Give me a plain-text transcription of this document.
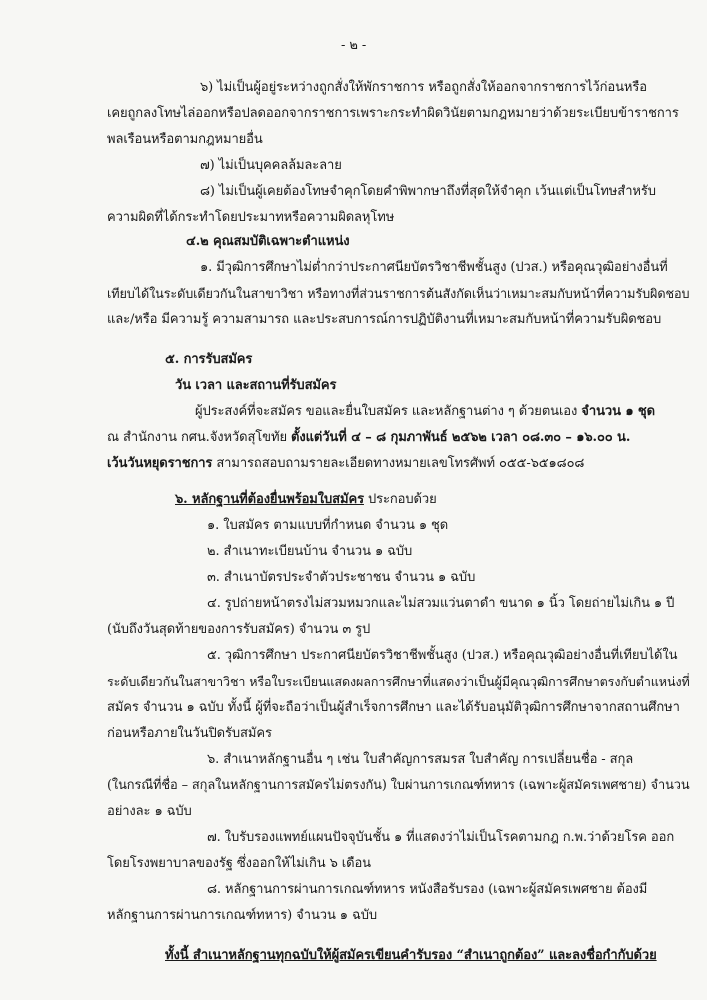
- ๒ -
๖) ไม่เป็นผู้อยู่ระหว่างถูกสั่งให้พักราชการ หรือถูกสั่งให้ออกจากราชการไว้ก่อนหรือ
เคยถูกลงโทษไล่ออกหรือปลดออกจากราชการเพราะกระทำผิดวินัยตามกฎหมายว่าด้วยระเบียบข้าราชการ
พลเรือนหรือตามกฎหมายอื่น
๗) ไม่เป็นบุคคลล้มละลาย
๘) ไม่เป็นผู้เคยต้องโทษจำคุกโดยคำพิพากษาถึงที่สุดให้จำคุก เว้นแต่เป็นโทษสำหรับ
ความผิดที่ได้กระทำโดยประมาทหรือความผิดลหุโทษ
๔.๒ คุณสมบัติเฉพาะตำแหน่ง
๑. มีวุฒิการศึกษาไม่ต่ำกว่าประกาศนียบัตรวิชาชีพชั้นสูง (ปวส.) หรือคุณวุฒิอย่างอื่นที่
เทียบได้ในระดับเดียวกันในสาขาวิชา หรือทางที่ส่วนราชการต้นสังกัดเห็นว่าเหมาะสมกับหน้าที่ความรับผิดชอบ
และ/หรือ มีความรู้ ความสามารถ และประสบการณ์การปฏิบัติงานที่เหมาะสมกับหน้าที่ความรับผิดชอบ
๕. การรับสมัคร
วัน เวลา และสถานที่รับสมัคร
ผู้ประสงค์ที่จะสมัคร ขอและยื่นใบสมัคร และหลักฐานต่าง ๆ ด้วยตนเอง จำนวน ๑ ชุด
ณ สำนักงาน กศน.จังหวัดสุโขทัย ตั้งแต่วันที่ ๔ – ๘ กุมภาพันธ์ ๒๕๖๒ เวลา ๐๘.๓๐ – ๑๖.๐๐ น.
เว้นวันหยุดราชการ สามารถสอบถามรายละเอียดทางหมายเลขโทรศัพท์ ๐๕๕-๖๕๑๘๐๘
๖. หลักฐานที่ต้องยื่นพร้อมใบสมัคร ประกอบด้วย
๑. ใบสมัคร ตามแบบที่กำหนด จำนวน ๑ ชุด
๒. สำเนาทะเบียนบ้าน จำนวน ๑ ฉบับ
๓. สำเนาบัตรประจำตัวประชาชน จำนวน ๑ ฉบับ
๔. รูปถ่ายหน้าตรงไม่สวมหมวกและไม่สวมแว่นตาดำ ขนาด ๑ นิ้ว โดยถ่ายไม่เกิน ๑ ปี
(นับถึงวันสุดท้ายของการรับสมัคร) จำนวน ๓ รูป
๕. วุฒิการศึกษา ประกาศนียบัตรวิชาชีพชั้นสูง (ปวส.) หรือคุณวุฒิอย่างอื่นที่เทียบได้ใน
ระดับเดียวกันในสาขาวิชา หรือใบระเบียนแสดงผลการศึกษาที่แสดงว่าเป็นผู้มีคุณวุฒิการศึกษาตรงกับตำแหน่งที่
สมัคร จำนวน ๑ ฉบับ ทั้งนี้ ผู้ที่จะถือว่าเป็นผู้สำเร็จการศึกษา และได้รับอนุมัติวุฒิการศึกษาจากสถานศึกษา
ก่อนหรือภายในวันปิดรับสมัคร
๖. สำเนาหลักฐานอื่น ๆ เช่น ใบสำคัญการสมรส ใบสำคัญ การเปลี่ยนชื่อ - สกุล
(ในกรณีที่ชื่อ – สกุลในหลักฐานการสมัครไม่ตรงกัน) ใบผ่านการเกณฑ์ทหาร (เฉพาะผู้สมัครเพศชาย) จำนวน
อย่างละ ๑ ฉบับ
๗. ใบรับรองแพทย์แผนปัจจุบันชั้น ๑ ที่แสดงว่าไม่เป็นโรคตามกฎ ก.พ.ว่าด้วยโรค ออก
โดยโรงพยาบาลของรัฐ ซึ่งออกให้ไม่เกิน ๖ เดือน
๘. หลักฐานการผ่านการเกณฑ์ทหาร หนังสือรับรอง (เฉพาะผู้สมัครเพศชาย ต้องมี
หลักฐานการผ่านการเกณฑ์ทหาร) จำนวน ๑ ฉบับ
ทั้งนี้ สำเนาหลักฐานทุกฉบับให้ผู้สมัครเขียนคำรับรอง “สำเนาถูกต้อง” และลงชื่อกำกับด้วย
